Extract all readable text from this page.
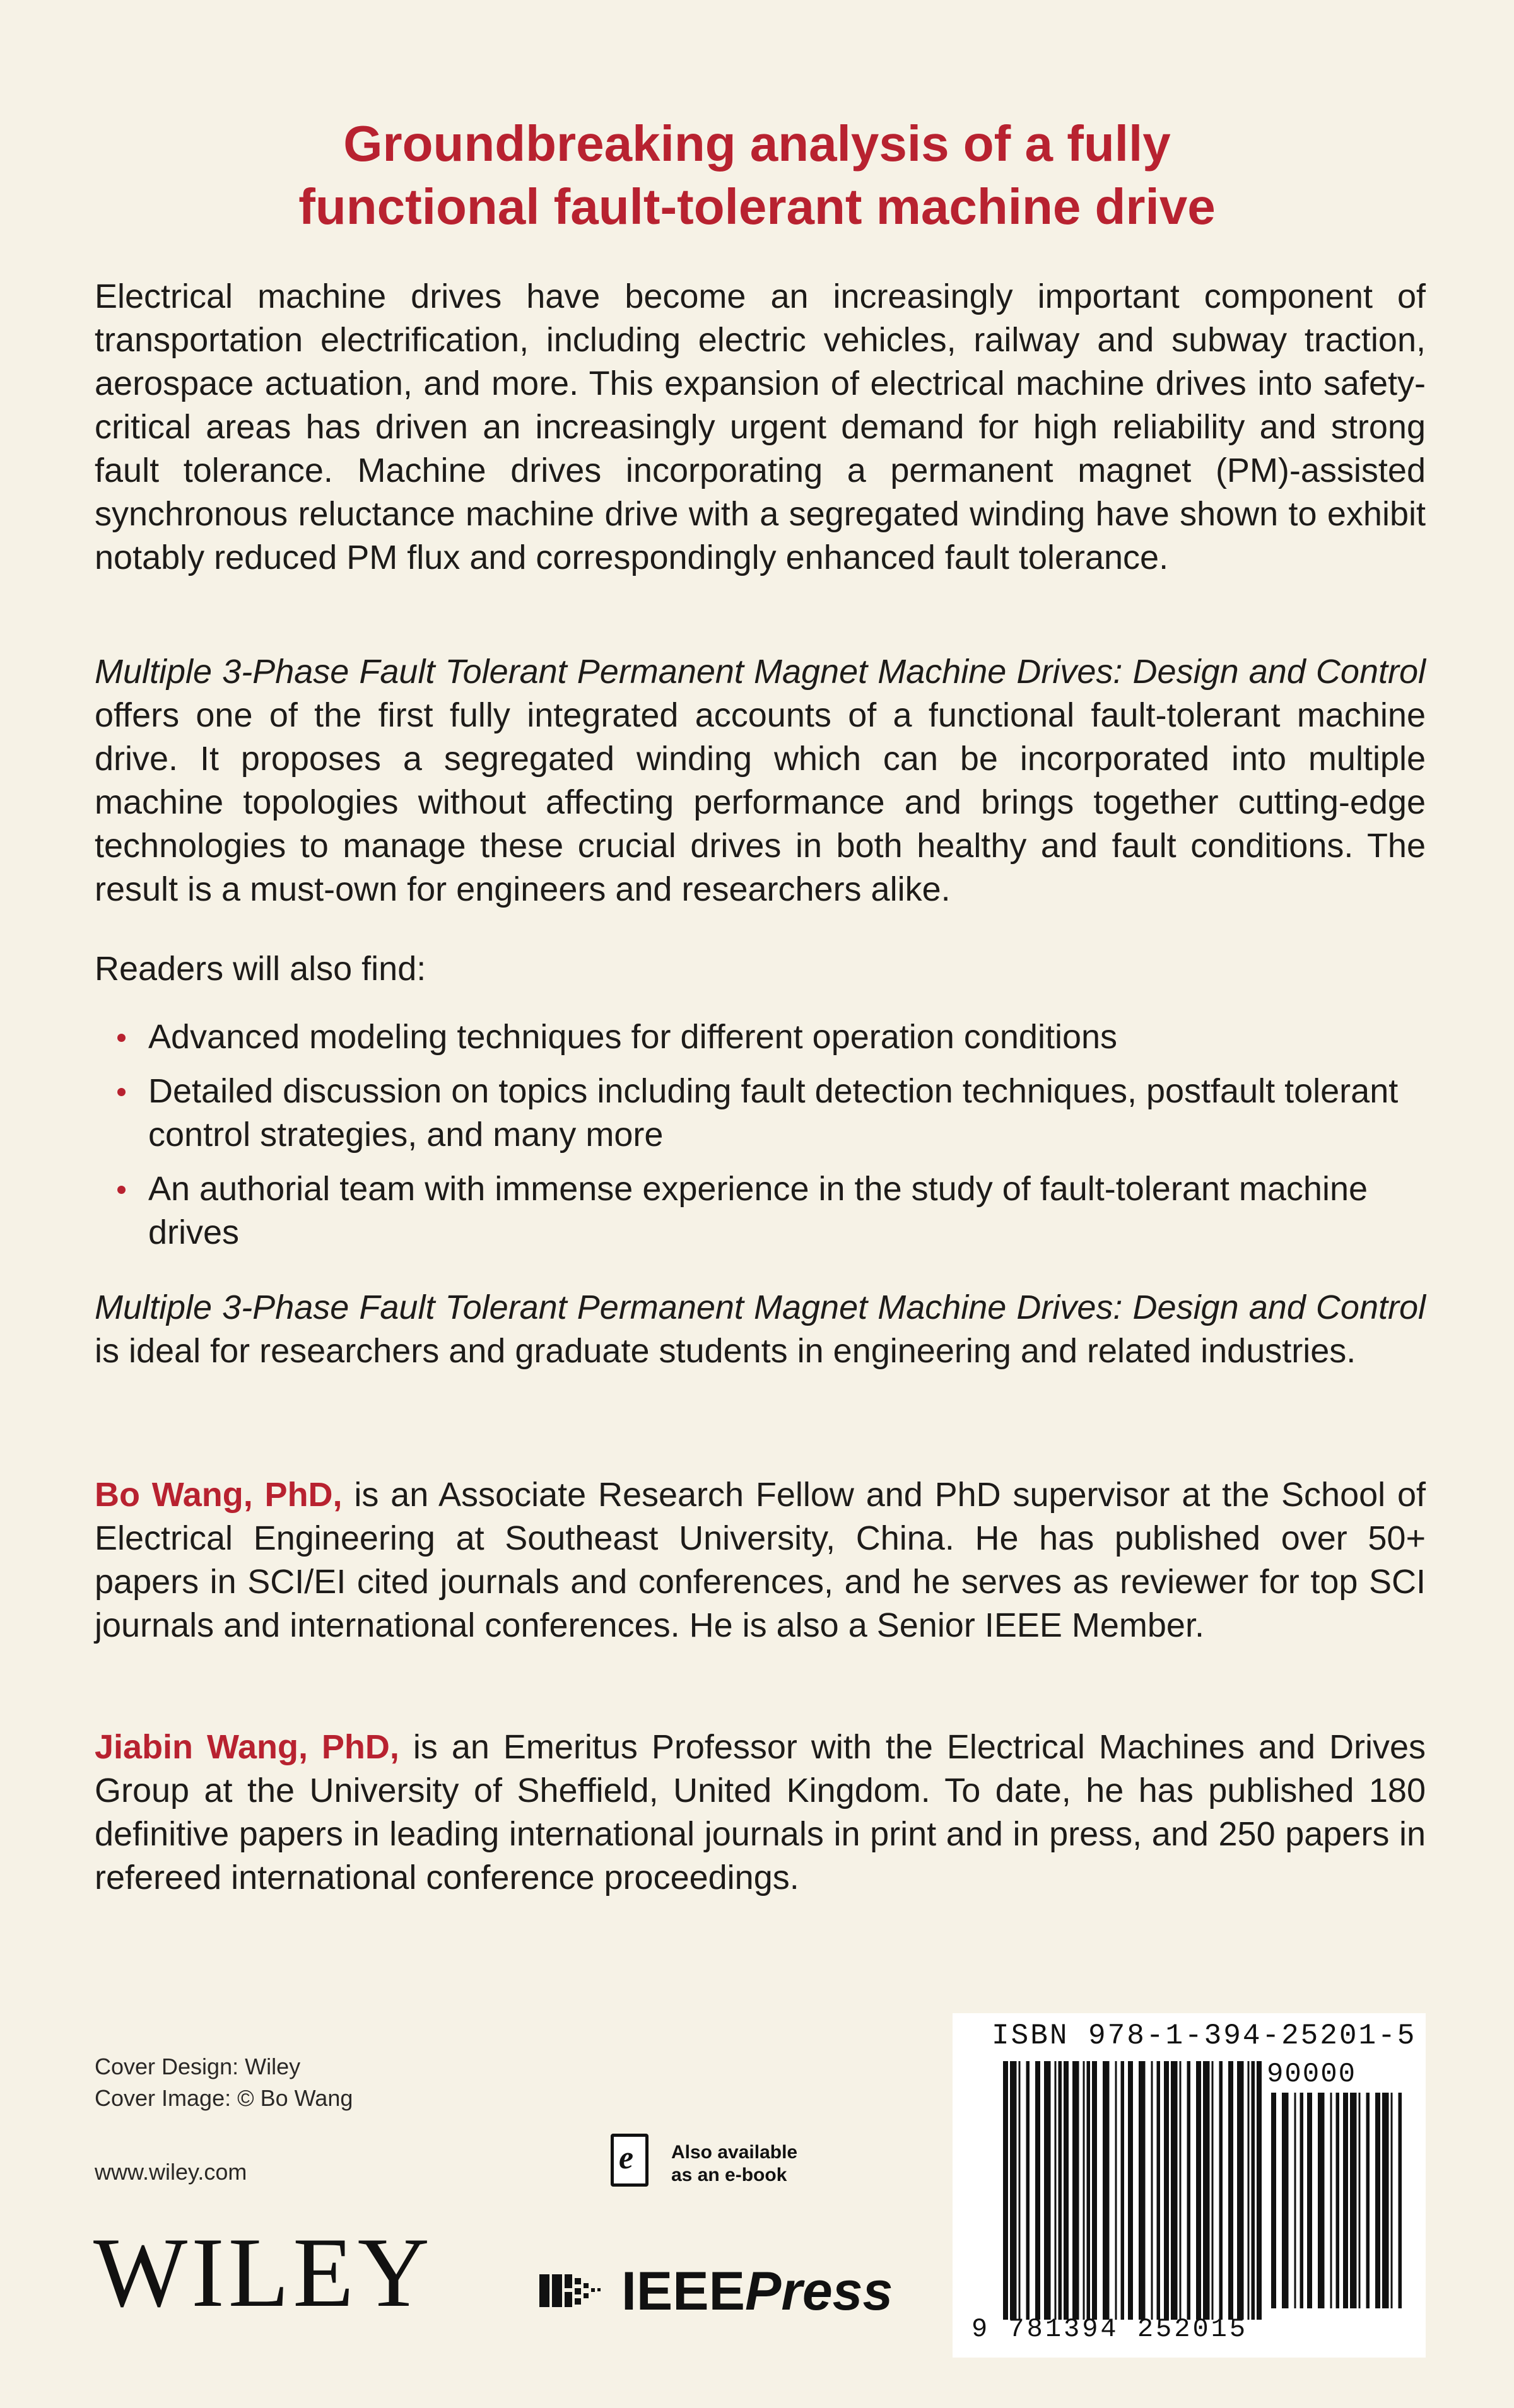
Groundbreaking analysis of a fully
functional fault-tolerant machine drive

Electrical machine drives have become an increasingly important component of transportation electrification, including electric vehicles, railway and subway traction, aerospace actuation, and more. This expansion of electrical machine drives into safety-critical areas has driven an increasingly urgent demand for high reliability and strong fault tolerance. Machine drives incorporating a permanent magnet (PM)-assisted synchronous reluctance machine drive with a segregated winding have shown to exhibit notably reduced PM flux and correspondingly enhanced fault tolerance.

Multiple 3-Phase Fault Tolerant Permanent Magnet Machine Drives: Design and Control offers one of the first fully integrated accounts of a functional fault-tolerant machine drive. It proposes a segregated winding which can be incorporated into multiple machine topologies without affecting performance and brings together cutting-edge technologies to manage these crucial drives in both healthy and fault conditions. The result is a must-own for engineers and researchers alike.

Readers will also find:

Advanced modeling techniques for different operation conditions
Detailed discussion on topics including fault detection techniques, postfault tolerant control strategies, and many more
An authorial team with immense experience in the study of fault-tolerant machine drives

Multiple 3-Phase Fault Tolerant Permanent Magnet Machine Drives: Design and Control is ideal for researchers and graduate students in engineering and related industries.

Bo Wang, PhD, is an Associate Research Fellow and PhD supervisor at the School of Electrical Engineering at Southeast University, China. He has published over 50+ papers in SCI/EI cited journals and conferences, and he serves as reviewer for top SCI journals and international conferences. He is also a Senior IEEE Member.

Jiabin Wang, PhD, is an Emeritus Professor with the Electrical Machines and Drives Group at the University of Sheffield, United Kingdom. To date, he has published 180 definitive papers in leading international journals in print and in press, and 250 papers in refereed international conference proceedings.

Cover Design: Wiley
Cover Image: © Bo Wang
www.wiley.com
WILEY
e Also available
as an e-book
IEEEPress
ISBN 978-1-394-25201-5
90000
9 781394 252015
